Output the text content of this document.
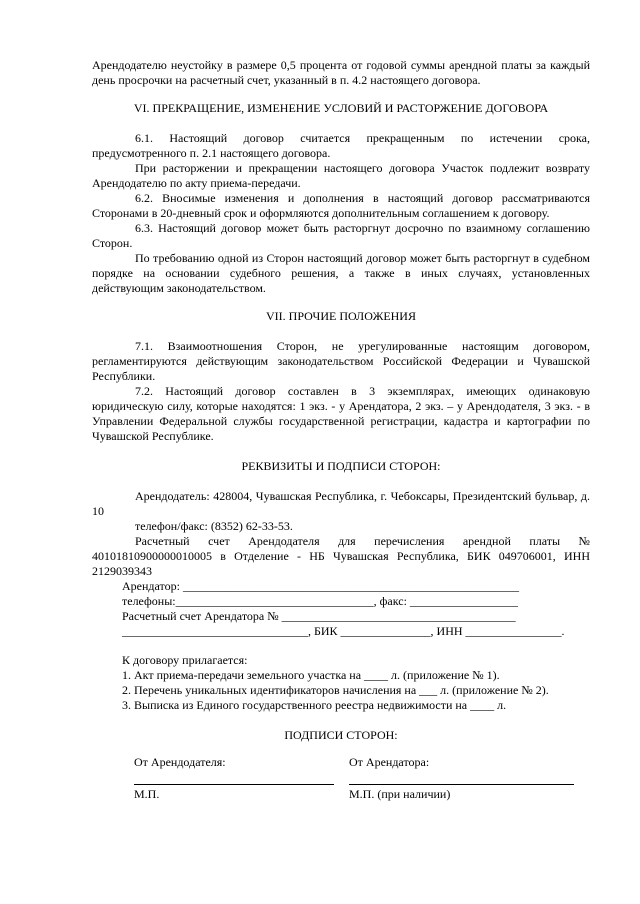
Арендодателю неустойку в размере 0,5 процента от годовой суммы арендной платы за каждый день просрочки на расчетный счет, указанный в п. 4.2 настоящего договора.

VI. ПРЕКРАЩЕНИЕ, ИЗМЕНЕНИЕ УСЛОВИЙ И РАСТОРЖЕНИЕ ДОГОВОРА

6.1. Настоящий договор считается прекращенным по истечении срока, предусмотренного п. 2.1 настоящего договора.

При расторжении и прекращении настоящего договора Участок подлежит возврату Арендодателю по акту приема-передачи.

6.2. Вносимые изменения и дополнения в настоящий договор рассматриваются Сторонами в 20-дневный срок и оформляются дополнительным соглашением к договору.

6.3. Настоящий договор может быть расторгнут досрочно по взаимному соглашению Сторон.

По требованию одной из Сторон настоящий договор может быть расторгнут в судебном порядке на основании судебного решения, а также в иных случаях, установленных действующим законодательством.

VII. ПРОЧИЕ ПОЛОЖЕНИЯ

7.1. Взаимоотношения Сторон, не урегулированные настоящим договором, регламентируются действующим законодательством Российской Федерации и Чувашской Республики.

7.2. Настоящий договор составлен в 3 экземплярах, имеющих одинаковую юридическую силу, которые находятся: 1 экз. - у Арендатора, 2 экз. – у Арендодателя, 3 экз. - в Управлении Федеральной службы государственной регистрации, кадастра и картографии по Чувашской Республике.

РЕКВИЗИТЫ И ПОДПИСИ СТОРОН:

Арендодатель: 428004, Чувашская Республика, г. Чебоксары, Президентский бульвар, д. 10

телефон/факс: (8352) 62-33-53.

Расчетный счет Арендодателя для перечисления арендной платы № 40101810900000010005 в Отделение - НБ Чувашская Республика, БИК 049706001, ИНН 2129039343

Арендатор: ________________________________________________________

телефоны:_________________________________, факс: __________________

Расчетный счет Арендатора № _______________________________________

_______________________________, БИК _______________, ИНН ________________.

К договору прилагается:

1. Акт приема-передачи земельного участка на ____ л. (приложение № 1).

2. Перечень уникальных идентификаторов начисления на ___ л. (приложение № 2).

3. Выписка из Единого государственного реестра недвижимости на ____ л.

ПОДПИСИ СТОРОН:

От Арендодателя:	От Арендатора:

М.П.	М.П. (при наличии)
